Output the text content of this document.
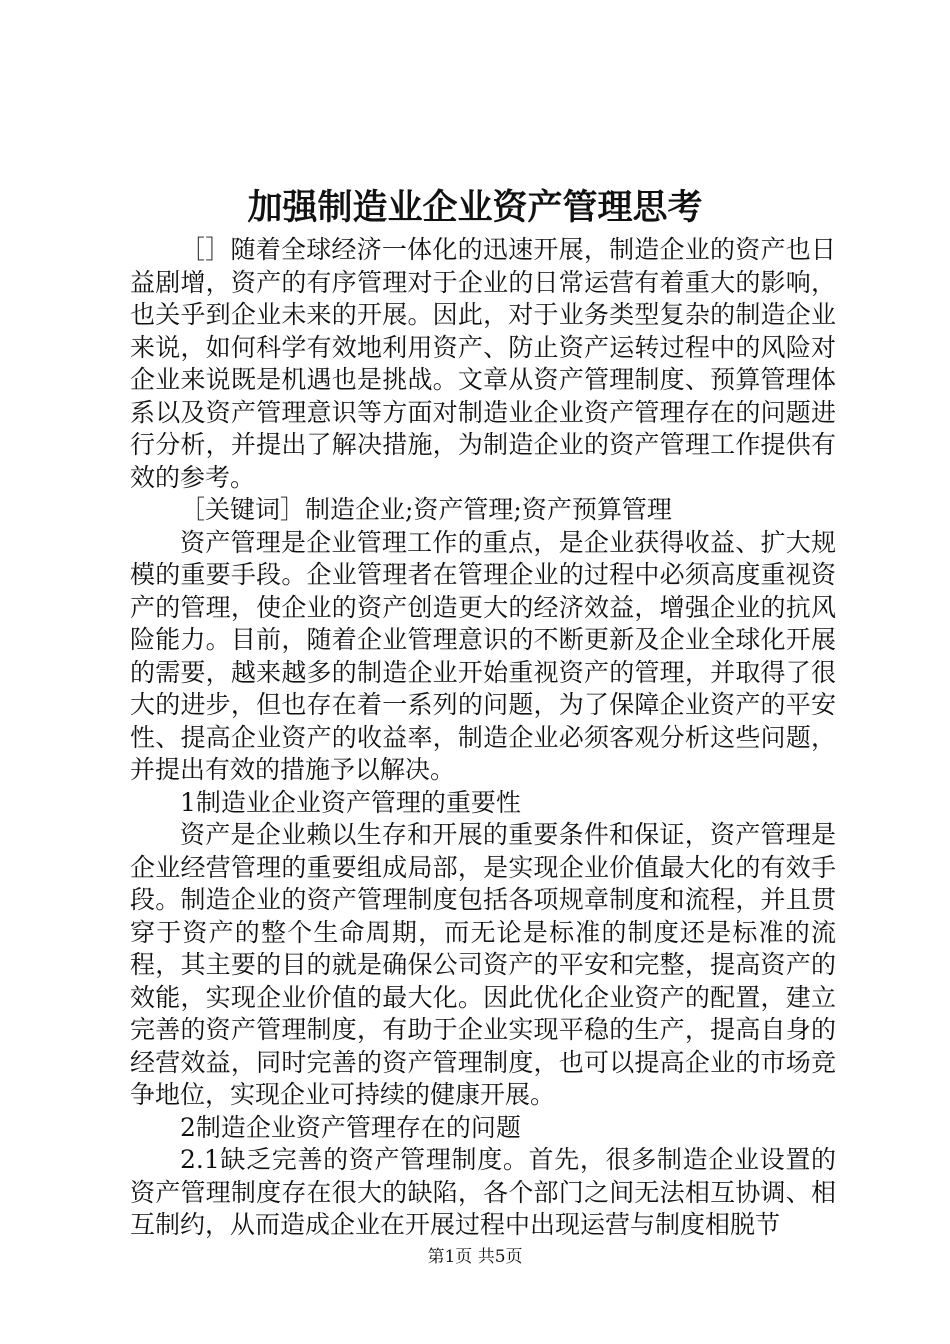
加强制造业企业资产管理思考

［］随着全球经济一体化的迅速开展，制造企业的资产也日益剧增，资产的有序管理对于企业的日常运营有着重大的影响，也关乎到企业未来的开展。因此，对于业务类型复杂的制造企业来说，如何科学有效地利用资产、防止资产运转过程中的风险对企业来说既是机遇也是挑战。文章从资产管理制度、预算管理体系以及资产管理意识等方面对制造业企业资产管理存在的问题进行分析，并提出了解决措施，为制造企业的资产管理工作提供有效的参考。

［关键词］制造企业;资产管理;资产预算管理

资产管理是企业管理工作的重点，是企业获得收益、扩大规模的重要手段。企业管理者在管理企业的过程中必须高度重视资产的管理，使企业的资产创造更大的经济效益，增强企业的抗风险能力。目前，随着企业管理意识的不断更新及企业全球化开展的需要，越来越多的制造企业开始重视资产的管理，并取得了很大的进步，但也存在着一系列的问题，为了保障企业资产的平安性、提高企业资产的收益率，制造企业必须客观分析这些问题，并提出有效的措施予以解决。

1制造业企业资产管理的重要性

资产是企业赖以生存和开展的重要条件和保证，资产管理是企业经营管理的重要组成局部，是实现企业价值最大化的有效手段。制造企业的资产管理制度包括各项规章制度和流程，并且贯穿于资产的整个生命周期，而无论是标准的制度还是标准的流程，其主要的目的就是确保公司资产的平安和完整，提高资产的效能，实现企业价值的最大化。因此优化企业资产的配置，建立完善的资产管理制度，有助于企业实现平稳的生产，提高自身的经营效益，同时完善的资产管理制度，也可以提高企业的市场竞争地位，实现企业可持续的健康开展。

2制造企业资产管理存在的问题

2.1缺乏完善的资产管理制度。首先，很多制造企业设置的资产管理制度存在很大的缺陷，各个部门之间无法相互协调、相互制约，从而造成企业在开展过程中出现运营与制度相脱节

第1页 共5页
